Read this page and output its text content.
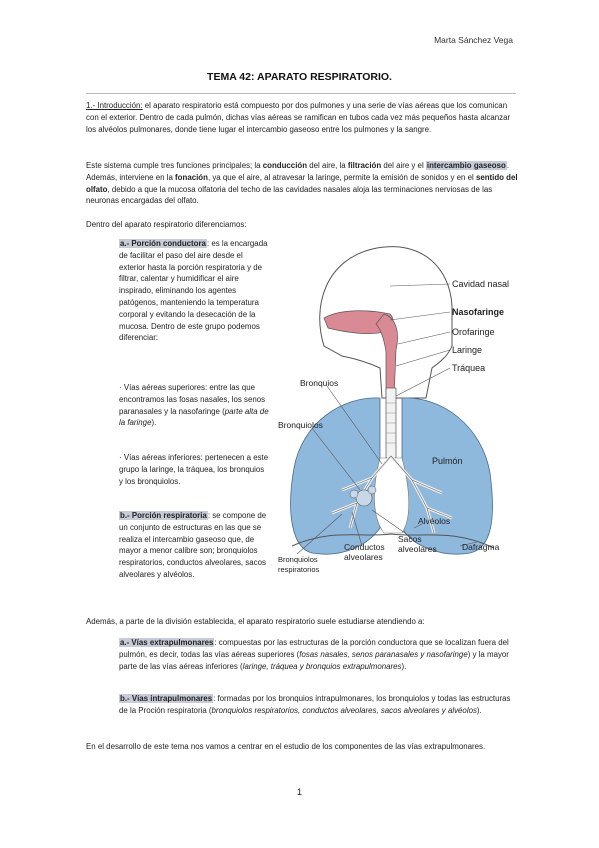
Marta Sánchez Vega
TEMA 42: APARATO RESPIRATORIO.
1.- Introducción: el aparato respiratorio está compuesto por dos pulmones y una serie de vías aéreas que los comunican con el exterior. Dentro de cada pulmón, dichas vías aéreas se ramifican en tubos cada vez más pequeños hasta alcanzar los alvéolos pulmonares, donde tiene lugar el intercambio gaseoso entre los pulmones y la sangre.
Este sistema cumple tres funciones principales; la conducción del aire, la filtración del aire y el intercambio gaseoso. Además, interviene en la fonación, ya que el aire, al atravesar la laringe, permite la emisión de sonidos y en el sentido del olfato, debido a que la mucosa olfatoria del techo de las cavidades nasales aloja las terminaciones nerviosas de las neuronas encargadas del olfato.
Dentro del aparato respiratorio diferenciamos:
a.- Porción conductora: es la encargada de facilitar el paso del aire desde el exterior hasta la porción respiratoria y de filtrar, calentar y humidificar el aire inspirado, eliminando los agentes patógenos, manteniendo la temperatura corporal y evitando la desecación de la mucosa. Dentro de este grupo podemos diferenciar:
· Vías aéreas superiores: entre las que encontramos las fosas nasales, los senos paranasales y la nasofaringe (parte alta de la faringe).
· Vías aéreas inferiores: pertenecen a este grupo la laringe, la tráquea, los bronquios y los bronquiolos.
b.- Porción respiratoria: se compone de un conjunto de estructuras en las que se realiza el intercambio gaseoso que, de mayor a menor calibre son; bronquiolos respiratorios, conductos alveolares, sacos alveolares y alvéolos.
Cavidad nasal
Nasofaringe
Orofaringe
Laringe
Tráquea
Bronquios
Bronquiolos
Pulmón
Alvéolos
Sacos
alveolares
Conductos
alveolares
Dafragma
Bronquiolos
respiratorios
Además, a parte de la división establecida, el aparato respiratorio suele estudiarse atendiendo a:
a.- Vías extrapulmonares: compuestas por las estructuras de la porción conductora que se localizan fuera del pulmón, es decir, todas las vías aéreas superiores (fosas nasales, senos paranasales y nasofaringe) y la mayor parte de las vías aéreas inferiores (laringe, tráquea y bronquios extrapulmonares).
b.- Vías intrapulmonares: formadas por los bronquios intrapulmonares, los bronquiolos y todas las estructuras de la Proción respiratoria (bronquiolos respiratorios, conductos alveolares, sacos alveolares y alvéolos).
En el desarrollo de este tema nos vamos a centrar en el estudio de los componentes de las vías extrapulmonares.
1
